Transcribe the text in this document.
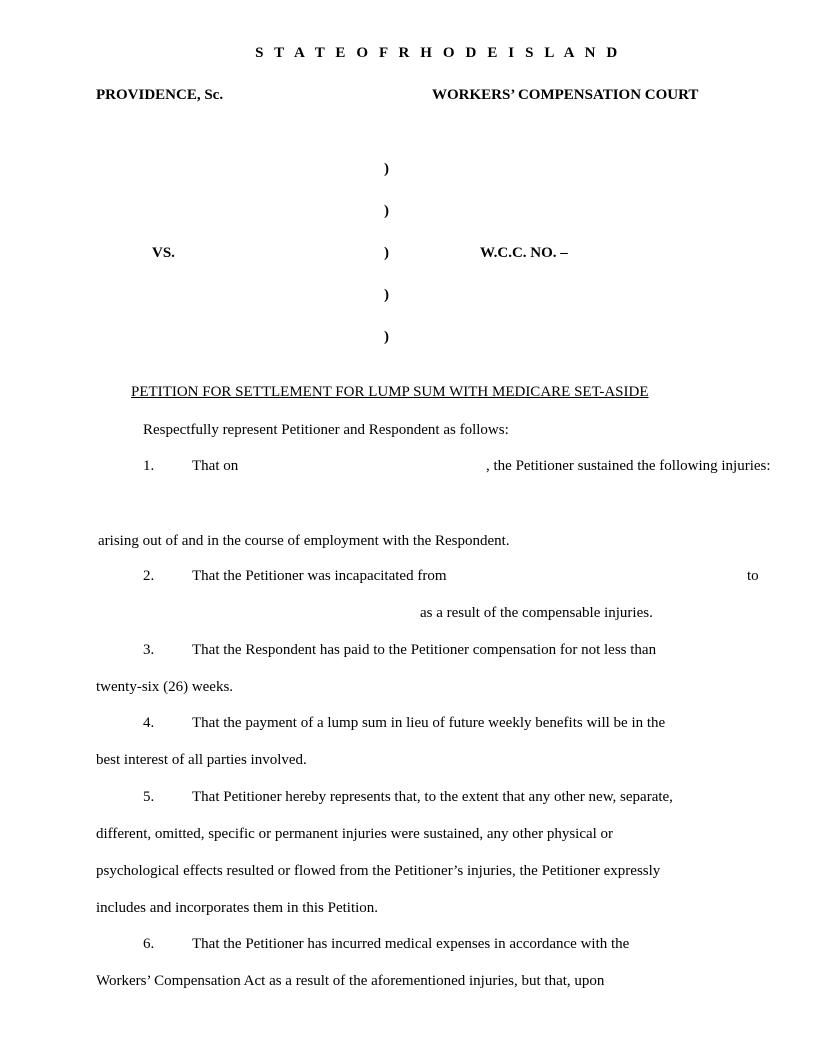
S T A T E O F R H O D E I S L A N D
PROVIDENCE, Sc.	WORKERS’ COMPENSATION COURT
)
)
VS.	)	W.C.C. NO. –
)
)
PETITION FOR SETTLEMENT FOR LUMP SUM WITH MEDICARE SET-ASIDE
Respectfully represent Petitioner and Respondent as follows:
1.	That on	, the Petitioner sustained the following injuries:
arising out of and in the course of employment with the Respondent.
2.	That the Petitioner was incapacitated from	to
as a result of the compensable injuries.
3.	That the Respondent has paid to the Petitioner compensation for not less than
twenty-six (26) weeks.
4.	That the payment of a lump sum in lieu of future weekly benefits will be in the
best interest of all parties involved.
5.	That Petitioner hereby represents that, to the extent that any other new, separate,
different, omitted, specific or permanent injuries were sustained, any other physical or
psychological effects resulted or flowed from the Petitioner’s injuries, the Petitioner expressly
includes and incorporates them in this Petition.
6.	That the Petitioner has incurred medical expenses in accordance with the
Workers’ Compensation Act as a result of the aforementioned injuries, but that, upon
